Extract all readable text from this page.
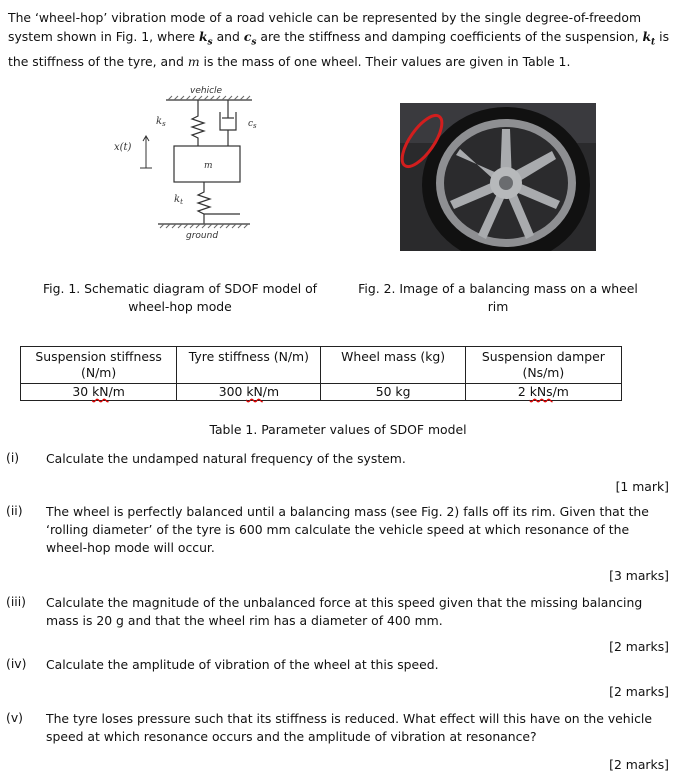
The ‘wheel-hop’ vibration mode of a road vehicle can be represented by the single degree-of-freedom system shown in Fig. 1, where $k_s$ and $c_s$ are the stiffness and damping coefficients of the suspension, $k_t$ is the stiffness of the tyre, and m is the mass of one wheel. Their values are given in Table 1.
vehicle
$k_s$	$c_s$
m
x(t)
$k_t$
ground
Fig. 1. Schematic diagram of SDOF model of wheel-hop mode
Fig. 2. Image of a balancing mass on a wheel rim
Suspension stiffness (N/m)	Tyre stiffness (N/m)	Wheel mass (kg)	Suspension damper (Ns/m)
30 kN/m	300 kN/m	50 kg	2 kNs/m
Table 1. Parameter values of SDOF model
(i) Calculate the undamped natural frequency of the system.
[1 mark]
(ii) The wheel is perfectly balanced until a balancing mass (see Fig. 2) falls off its rim. Given that the ‘rolling diameter’ of the tyre is 600 mm calculate the vehicle speed at which resonance of the wheel-hop mode will occur.
[3 marks]
(iii) Calculate the magnitude of the unbalanced force at this speed given that the missing balancing mass is 20 g and that the wheel rim has a diameter of 400 mm.
[2 marks]
(iv) Calculate the amplitude of vibration of the wheel at this speed.
[2 marks]
(v) The tyre loses pressure such that its stiffness is reduced. What effect will this have on the vehicle speed at which resonance occurs and the amplitude of vibration at resonance?
[2 marks]
